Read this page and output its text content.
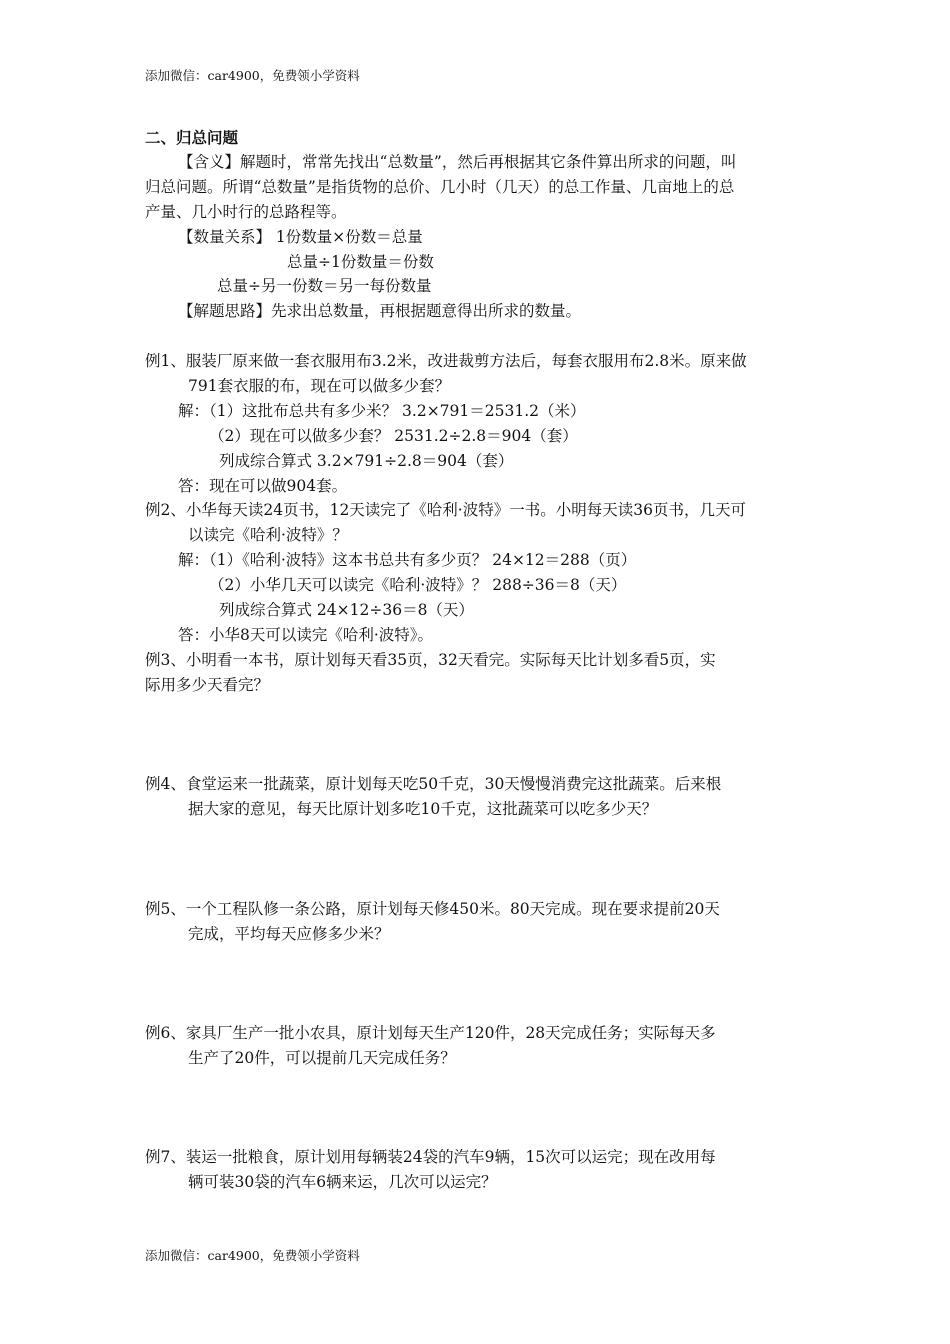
添加微信：car4900，免费领小学资料
二、归总问题
【含义】解题时，常常先找出“总数量”，然后再根据其它条件算出所求的问题，叫
归总问题。所谓“总数量”是指货物的总价、几小时（几天）的总工作量、几亩地上的总
产量、几小时行的总路程等。
【数量关系】 1份数量×份数＝总量
总量÷1份数量＝份数
总量÷另一份数＝另一每份数量
【解题思路】先求出总数量，再根据题意得出所求的数量。
例1、服装厂原来做一套衣服用布3.2米，改进裁剪方法后，每套衣服用布2.8米。原来做
791套衣服的布，现在可以做多少套？
解：（1）这批布总共有多少米？ 3.2×791＝2531.2（米）
（2）现在可以做多少套？ 2531.2÷2.8＝904（套）
列成综合算式 3.2×791÷2.8＝904（套）
答：现在可以做904套。
例2、小华每天读24页书，12天读完了《哈利·波特》一书。小明每天读36页书，几天可
以读完《哈利·波特》？
解：（1）《哈利·波特》这本书总共有多少页？ 24×12＝288（页）
（2）小华几天可以读完《哈利·波特》？ 288÷36＝8（天）
列成综合算式 24×12÷36＝8（天）
答：小华8天可以读完《哈利·波特》。
例3、小明看一本书，原计划每天看35页，32天看完。实际每天比计划多看5页，实
际用多少天看完？
例4、食堂运来一批蔬菜，原计划每天吃50千克，30天慢慢消费完这批蔬菜。后来根
据大家的意见，每天比原计划多吃10千克，这批蔬菜可以吃多少天？
例5、一个工程队修一条公路，原计划每天修450米。80天完成。现在要求提前20天
完成，平均每天应修多少米？
例6、家具厂生产一批小农具，原计划每天生产120件，28天完成任务；实际每天多
生产了20件，可以提前几天完成任务？
例7、装运一批粮食，原计划用每辆装24袋的汽车9辆，15次可以运完；现在改用每
辆可装30袋的汽车6辆来运，几次可以运完？
添加微信：car4900，免费领小学资料
